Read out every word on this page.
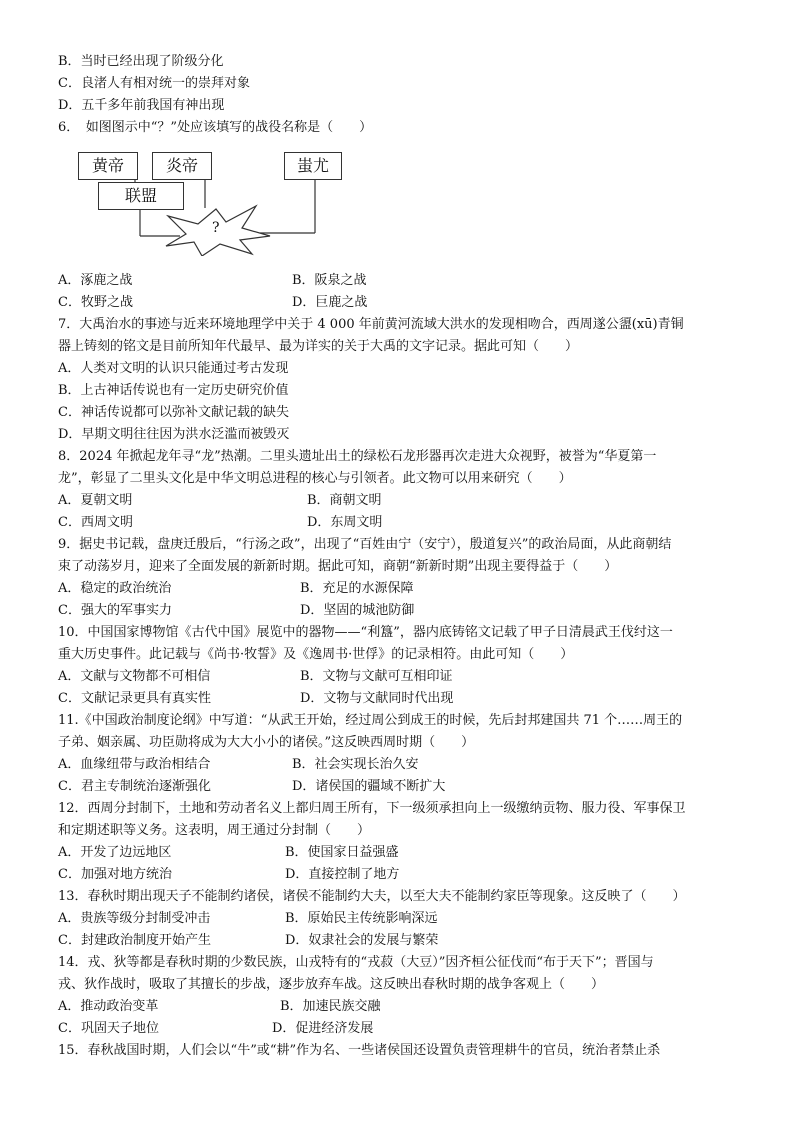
B．当时已经出现了阶级分化
C．良渚人有相对统一的崇拜对象
D．五千多年前我国有神出现
6．　如图图示中“？”处应该填写的战役名称是（　　）
黄帝	炎帝	蚩尤
联盟
?
A．涿鹿之战	B．阪泉之战
C．牧野之战	D．巨鹿之战
7．大禹治水的事迹与近来环境地理学中关于 4 000 年前黄河流域大洪水的发现相吻合，西周遂公盨(xū)青铜
器上铸刻的铭文是目前所知年代最早、最为详实的关于大禹的文字记录。据此可知（　　）
A．人类对文明的认识只能通过考古发现
B．上古神话传说也有一定历史研究价值
C．神话传说都可以弥补文献记载的缺失
D．早期文明往往因为洪水泛滥而被毁灭
8．2024 年掀起龙年寻“龙”热潮。二里头遗址出土的绿松石龙形器再次走进大众视野，被誉为“华夏第一
龙”，彰显了二里头文化是中华文明总进程的核心与引领者。此文物可以用来研究（　　）
A．夏朝文明	B．商朝文明
C．西周文明	D．东周文明
9．据史书记载，盘庚迁殷后，“行汤之政”，出现了“百姓由宁（安宁），殷道复兴”的政治局面，从此商朝结
束了动荡岁月，迎来了全面发展的新新时期。据此可知，商朝“新新时期”出现主要得益于（　　）
A．稳定的政治统治	B．充足的水源保障
C．强大的军事实力	D．坚固的城池防御
10．中国国家博物馆《古代中国》展览中的器物——“利簋”，器内底铸铭文记载了甲子日清晨武王伐纣这一
重大历史事件。此记载与《尚书·牧誓》及《逸周书·世俘》的记录相符。由此可知（　　）
A．文献与文物都不可相信	B．文物与文献可互相印证
C．文献记录更具有真实性	D．文物与文献同时代出现
11.《中国政治制度论纲》中写道：“从武王开始，经过周公到成王的时候，先后封邦建国共 71 个……周王的
子弟、姻亲属、功臣勋将成为大大小小的诸侯。”这反映西周时期（　　）
A．血缘纽带与政治相结合	B．社会实现长治久安
C．君主专制统治逐渐强化	D．诸侯国的疆域不断扩大
12．西周分封制下，土地和劳动者名义上都归周王所有，下一级须承担向上一级缴纳贡物、服力役、军事保卫
和定期述职等义务。这表明，周王通过分封制（　　）
A．开发了边远地区	B．使国家日益强盛
C．加强对地方统治	D．直接控制了地方
13．春秋时期出现天子不能制约诸侯，诸侯不能制约大夫，以至大夫不能制约家臣等现象。这反映了（　　）
A．贵族等级分封制受冲击	B．原始民主传统影响深远
C．封建政治制度开始产生	D．奴隶社会的发展与繁荣
14．戎、狄等都是春秋时期的少数民族，山戎特有的“戎菽（大豆）”因齐桓公征伐而“布于天下”；晋国与
戎、狄作战时，吸取了其擅长的步战，逐步放弃车战。这反映出春秋时期的战争客观上（　　）
A．推动政治变革	B．加速民族交融
C．巩固天子地位	D．促进经济发展
15．春秋战国时期，人们会以“牛”或“耕”作为名、一些诸侯国还设置负责管理耕牛的官员，统治者禁止杀
